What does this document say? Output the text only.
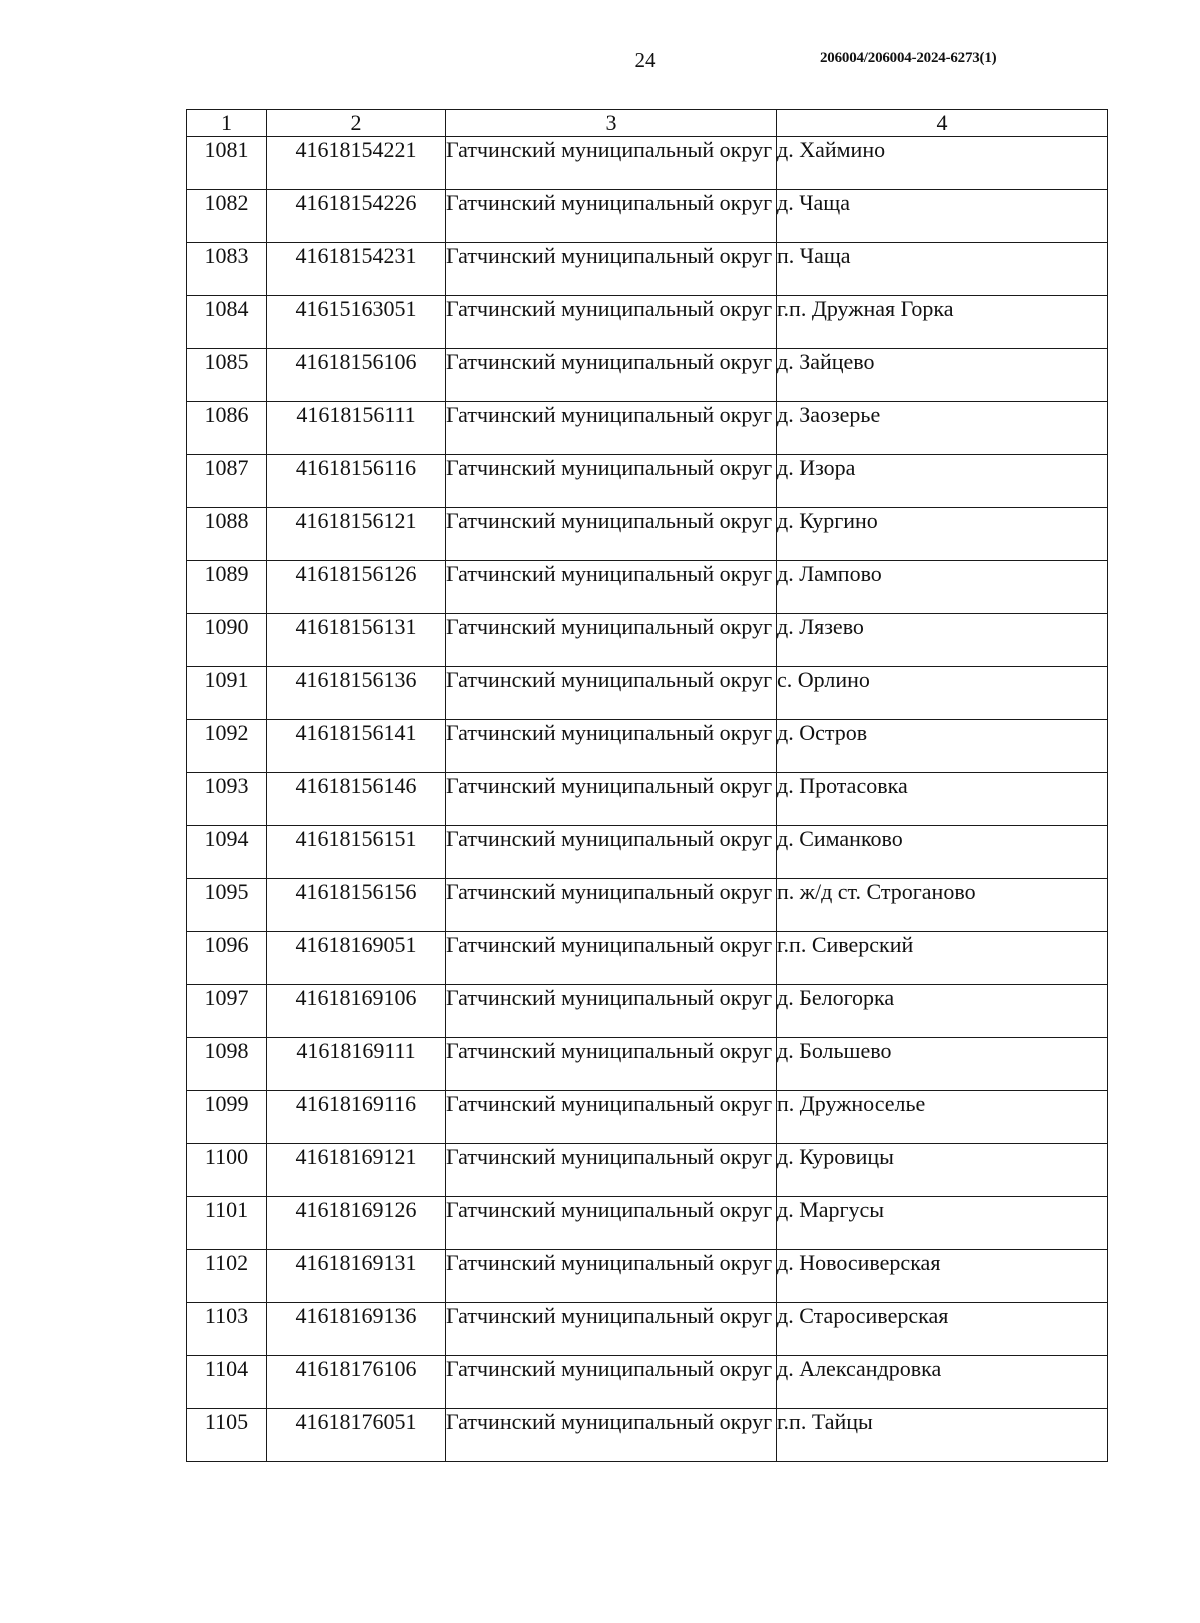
24	206004/206004-2024-6273(1)
1	2	3	4
1081	41618154221	Гатчинский муниципальный округ	д. Хаймино
1082	41618154226	Гатчинский муниципальный округ	д. Чаща
1083	41618154231	Гатчинский муниципальный округ	п. Чаща
1084	41615163051	Гатчинский муниципальный округ	г.п. Дружная Горка
1085	41618156106	Гатчинский муниципальный округ	д. Зайцево
1086	41618156111	Гатчинский муниципальный округ	д. Заозерье
1087	41618156116	Гатчинский муниципальный округ	д. Изора
1088	41618156121	Гатчинский муниципальный округ	д. Кургино
1089	41618156126	Гатчинский муниципальный округ	д. Лампово
1090	41618156131	Гатчинский муниципальный округ	д. Лязево
1091	41618156136	Гатчинский муниципальный округ	с. Орлино
1092	41618156141	Гатчинский муниципальный округ	д. Остров
1093	41618156146	Гатчинский муниципальный округ	д. Протасовка
1094	41618156151	Гатчинский муниципальный округ	д. Симанково
1095	41618156156	Гатчинский муниципальный округ	п. ж/д ст. Строганово
1096	41618169051	Гатчинский муниципальный округ	г.п. Сиверский
1097	41618169106	Гатчинский муниципальный округ	д. Белогорка
1098	41618169111	Гатчинский муниципальный округ	д. Большево
1099	41618169116	Гатчинский муниципальный округ	п. Дружноселье
1100	41618169121	Гатчинский муниципальный округ	д. Куровицы
1101	41618169126	Гатчинский муниципальный округ	д. Маргусы
1102	41618169131	Гатчинский муниципальный округ	д. Новосиверская
1103	41618169136	Гатчинский муниципальный округ	д. Старосиверская
1104	41618176106	Гатчинский муниципальный округ	д. Александровка
1105	41618176051	Гатчинский муниципальный округ	г.п. Тайцы
